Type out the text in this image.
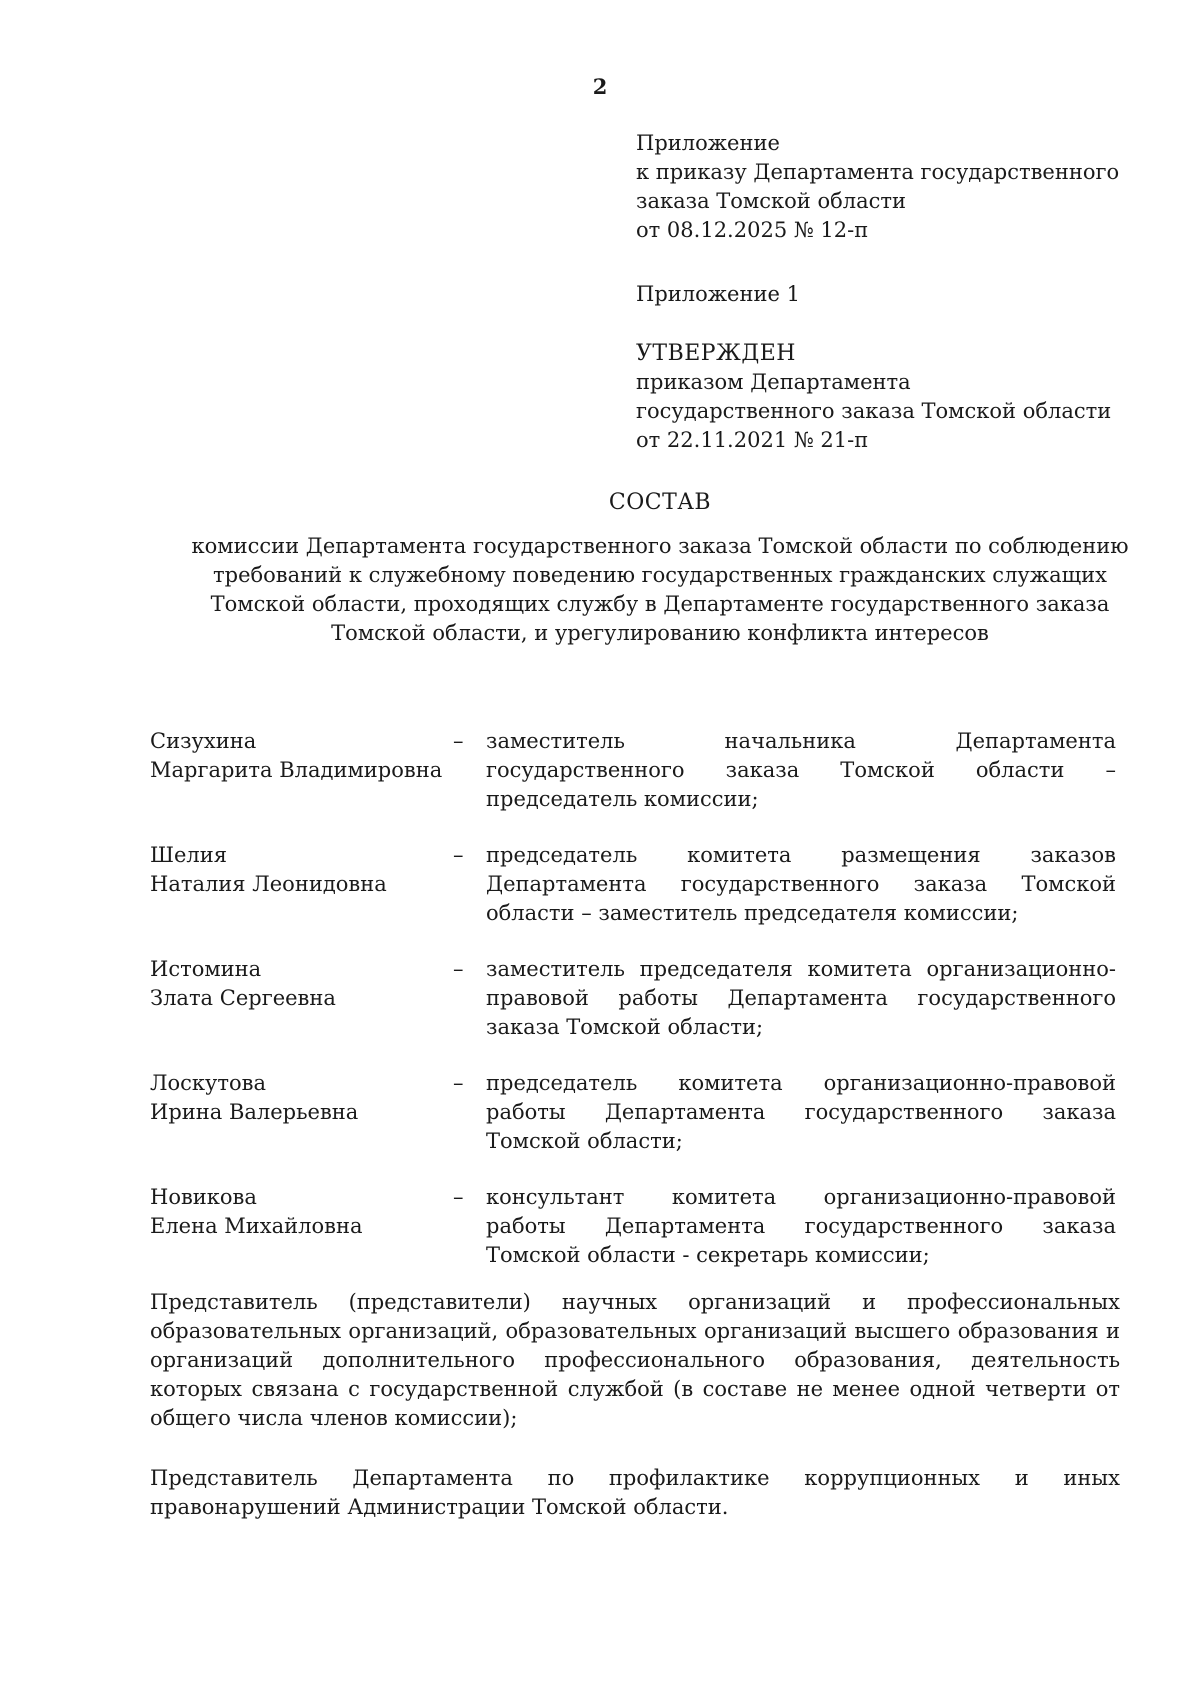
2
Приложение
к приказу Департамента государственного
заказа Томской области
от 08.12.2025 № 12-п
Приложение 1
УТВЕРЖДЕН
приказом Департамента
государственного заказа Томской области
от 22.11.2021 № 21-п
СОСТАВ
комиссии Департамента государственного заказа Томской области по соблюдению
требований к служебному поведению государственных гражданских служащих
Томской области, проходящих службу в Департаменте государственного заказа
Томской области, и урегулированию конфликта интересов
Сизухина
Маргарита Владимировна
–	заместитель начальника Департамента государственного заказа Томской области – председатель комиссии;
Шелия
Наталия Леонидовна
–	председатель комитета размещения заказов Департамента государственного заказа Томской области – заместитель председателя комиссии;
Истомина
Злата Сергеевна
–	заместитель председателя комитета организационно-правовой работы Департамента государственного заказа Томской области;
Лоскутова
Ирина Валерьевна
–	председатель комитета организационно-правовой работы Департамента государственного заказа Томской области;
Новикова
Елена Михайловна
–	консультант комитета организационно-правовой работы Департамента государственного заказа Томской области - секретарь комиссии;
Представитель (представители) научных организаций и профессиональных образовательных организаций, образовательных организаций высшего образования и организаций дополнительного профессионального образования, деятельность которых связана с государственной службой (в составе не менее одной четверти от общего числа членов комиссии);
Представитель Департамента по профилактике коррупционных и иных правонарушений Администрации Томской области.
